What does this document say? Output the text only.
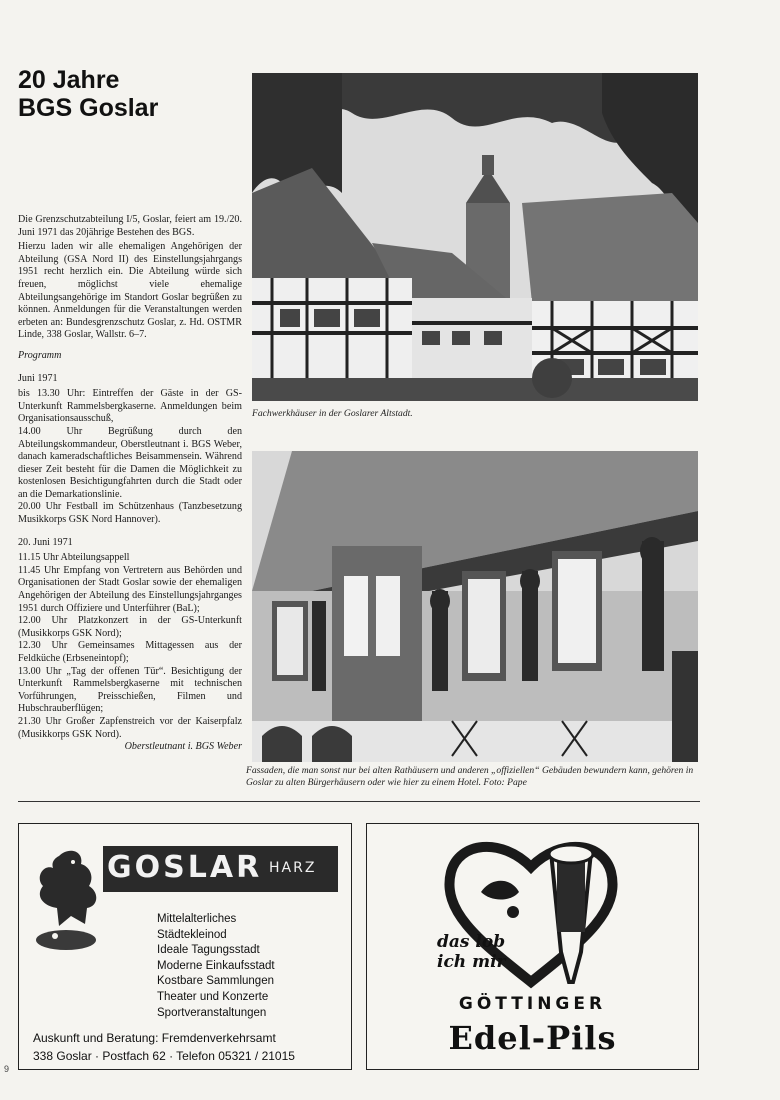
9
20 Jahre
BGS Goslar

Die Grenzschutzabteilung I/5, Goslar, feiert am 19./20. Juni 1971 das 20jährige Bestehen des BGS.

Hierzu laden wir alle ehemaligen Angehörigen der Abteilung (GSA Nord II) des Einstellungsjahrgangs 1951 recht herzlich ein. Die Abteilung würde sich freuen, möglichst viele ehemalige Abteilungsangehörige im Standort Goslar begrüßen zu können. Anmeldungen für die Veranstaltungen werden erbeten an: Bundesgrenzschutz Goslar, z. Hd. OSTMR Linde, 338 Goslar, Wallstr. 6–7.

Programm

Juni 1971

bis 13.30 Uhr: Eintreffen der Gäste in der GS-Unterkunft Rammelsbergkaserne. Anmeldungen beim Organisationsausschuß,

14.00 Uhr Begrüßung durch den Abteilungskommandeur, Oberstleutnant i. BGS Weber, danach kameradschaftliches Beisammensein. Während dieser Zeit besteht für die Damen die Möglichkeit zu kostenlosen Besichtigungfahrten durch die Stadt oder an die Demarkationslinie.

20.00 Uhr Festball im Schützenhaus (Tanzbesetzung Musikkorps GSK Nord Hannover).

20. Juni 1971

11.15 Uhr Abteilungsappell

11.45 Uhr Empfang von Vertretern aus Behörden und Organisationen der Stadt Goslar sowie der ehemaligen Angehörigen der Abteilung des Einstellungsjahrganges 1951 durch Offiziere und Unterführer (BaL);

12.00 Uhr Platzkonzert in der GS-Unterkunft (Musikkorps GSK Nord);

12.30 Uhr Gemeinsames Mittagessen aus der Feldküche (Erbseneintopf);

13.00 Uhr „Tag der offenen Tür“. Besichtigung der Unterkunft Rammelsbergkaserne mit technischen Vorführungen, Preisschießen, Filmen und Hubschrauberflügen;

21.30 Uhr Großer Zapfenstreich vor der Kaiserpfalz (Musikkorps GSK Nord).

Oberstleutnant i. BGS Weber

Fachwerkhäuser in der Goslarer Altstadt.
Fassaden, die man sonst nur bei alten Rathäusern und anderen „offiziellen“ Gebäuden bewundern kann, gehören in Goslar zu alten Bürgerhäusern oder wie hier zu einem Hotel. Foto: Pape
GOSLAR HARZ
Mittelalterliches
Städtekleinod
Ideale Tagungsstadt
Moderne Einkaufsstadt
Kostbare Sammlungen
Theater und Konzerte
Sportveranstaltungen
Auskunft und Beratung: Fremdenverkehrsamt
338 Goslar · Postfach 62 · Telefon 05321 / 21015
das lob
ich mir
GÖTTINGER
Edel-Pils
